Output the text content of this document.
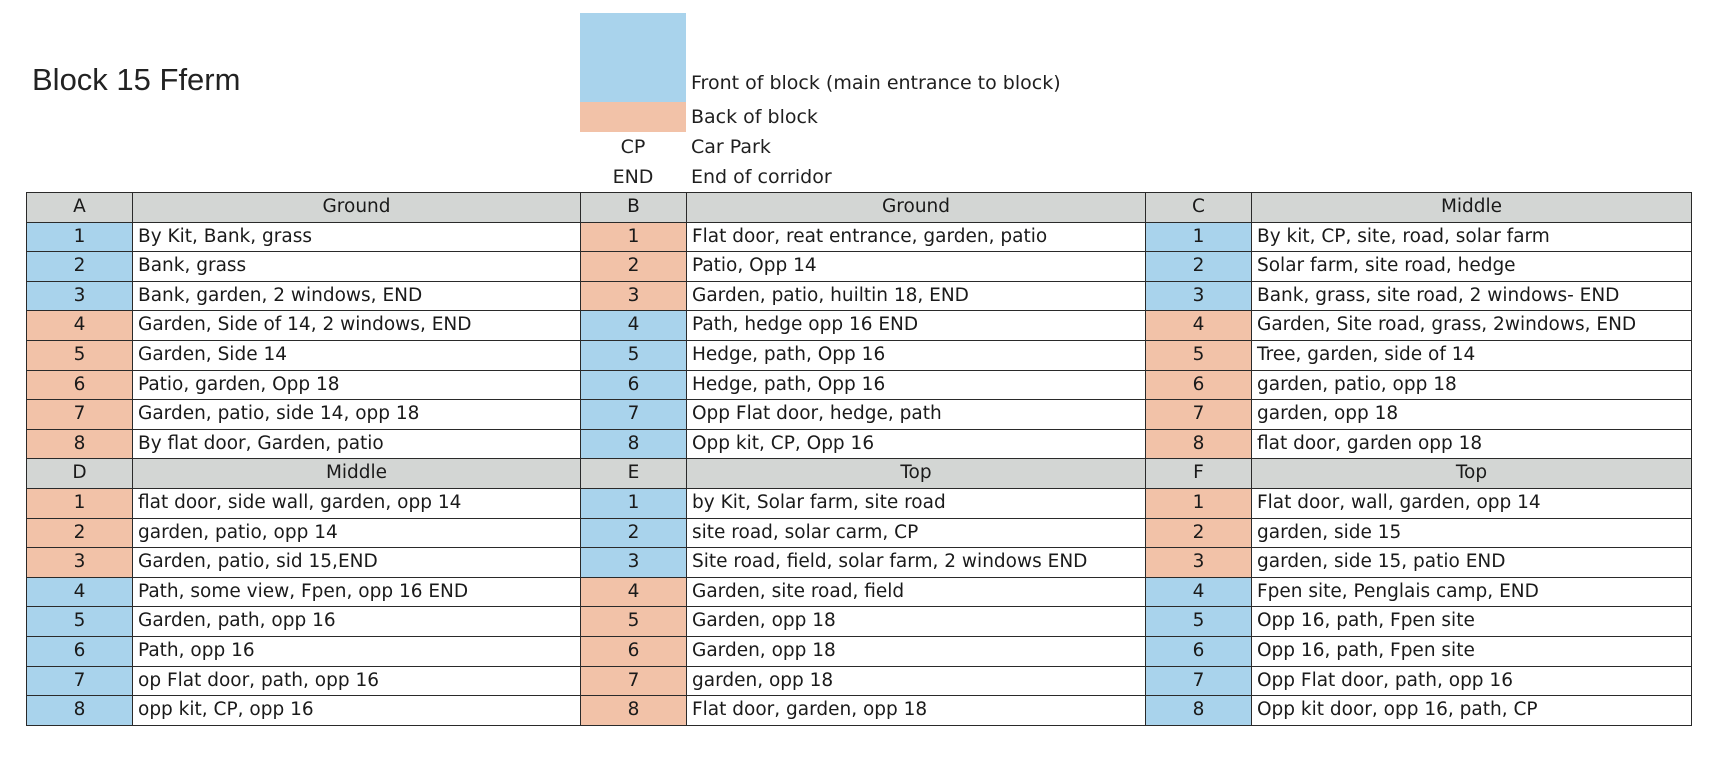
Block 15 Fferm	Front of block (main entrance to block)
Back of block
CP	Car Park
END	End of corridor
A	Ground	B	Ground	C	Middle
1	By Kit, Bank, grass	1	Flat door, reat entrance, garden, patio	1	By kit, CP, site, road, solar farm
2	Bank, grass	2	Patio, Opp 14	2	Solar farm, site road, hedge
3	Bank, garden, 2 windows, END	3	Garden, patio, huiltin 18, END	3	Bank, grass, site road, 2 windows- END
4	Garden, Side of 14, 2 windows, END	4	Path, hedge opp 16 END	4	Garden, Site road, grass, 2windows, END
5	Garden, Side 14	5	Hedge, path, Opp 16	5	Tree, garden, side of 14
6	Patio, garden, Opp 18	6	Hedge, path, Opp 16	6	garden, patio, opp 18
7	Garden, patio, side 14, opp 18	7	Opp Flat door, hedge, path	7	garden, opp 18
8	By flat door, Garden, patio	8	Opp kit, CP, Opp 16	8	flat door, garden opp 18
D	Middle	E	Top	F	Top
1	flat door, side wall, garden, opp 14	1	by Kit, Solar farm, site road	1	Flat door, wall, garden, opp 14
2	garden, patio, opp 14	2	site road, solar carm, CP	2	garden, side 15
3	Garden, patio, sid 15,END	3	Site road, field, solar farm, 2 windows END	3	garden, side 15, patio END
4	Path, some view, Fpen, opp 16 END	4	Garden, site road, field	4	Fpen site, Penglais camp, END
5	Garden, path, opp 16	5	Garden, opp 18	5	Opp 16, path, Fpen site
6	Path, opp 16	6	Garden, opp 18	6	Opp 16, path, Fpen site
7	op Flat door, path, opp 16	7	garden, opp 18	7	Opp Flat door, path, opp 16
8	opp kit, CP, opp 16	8	Flat door, garden, opp 18	8	Opp kit door, opp 16, path, CP
